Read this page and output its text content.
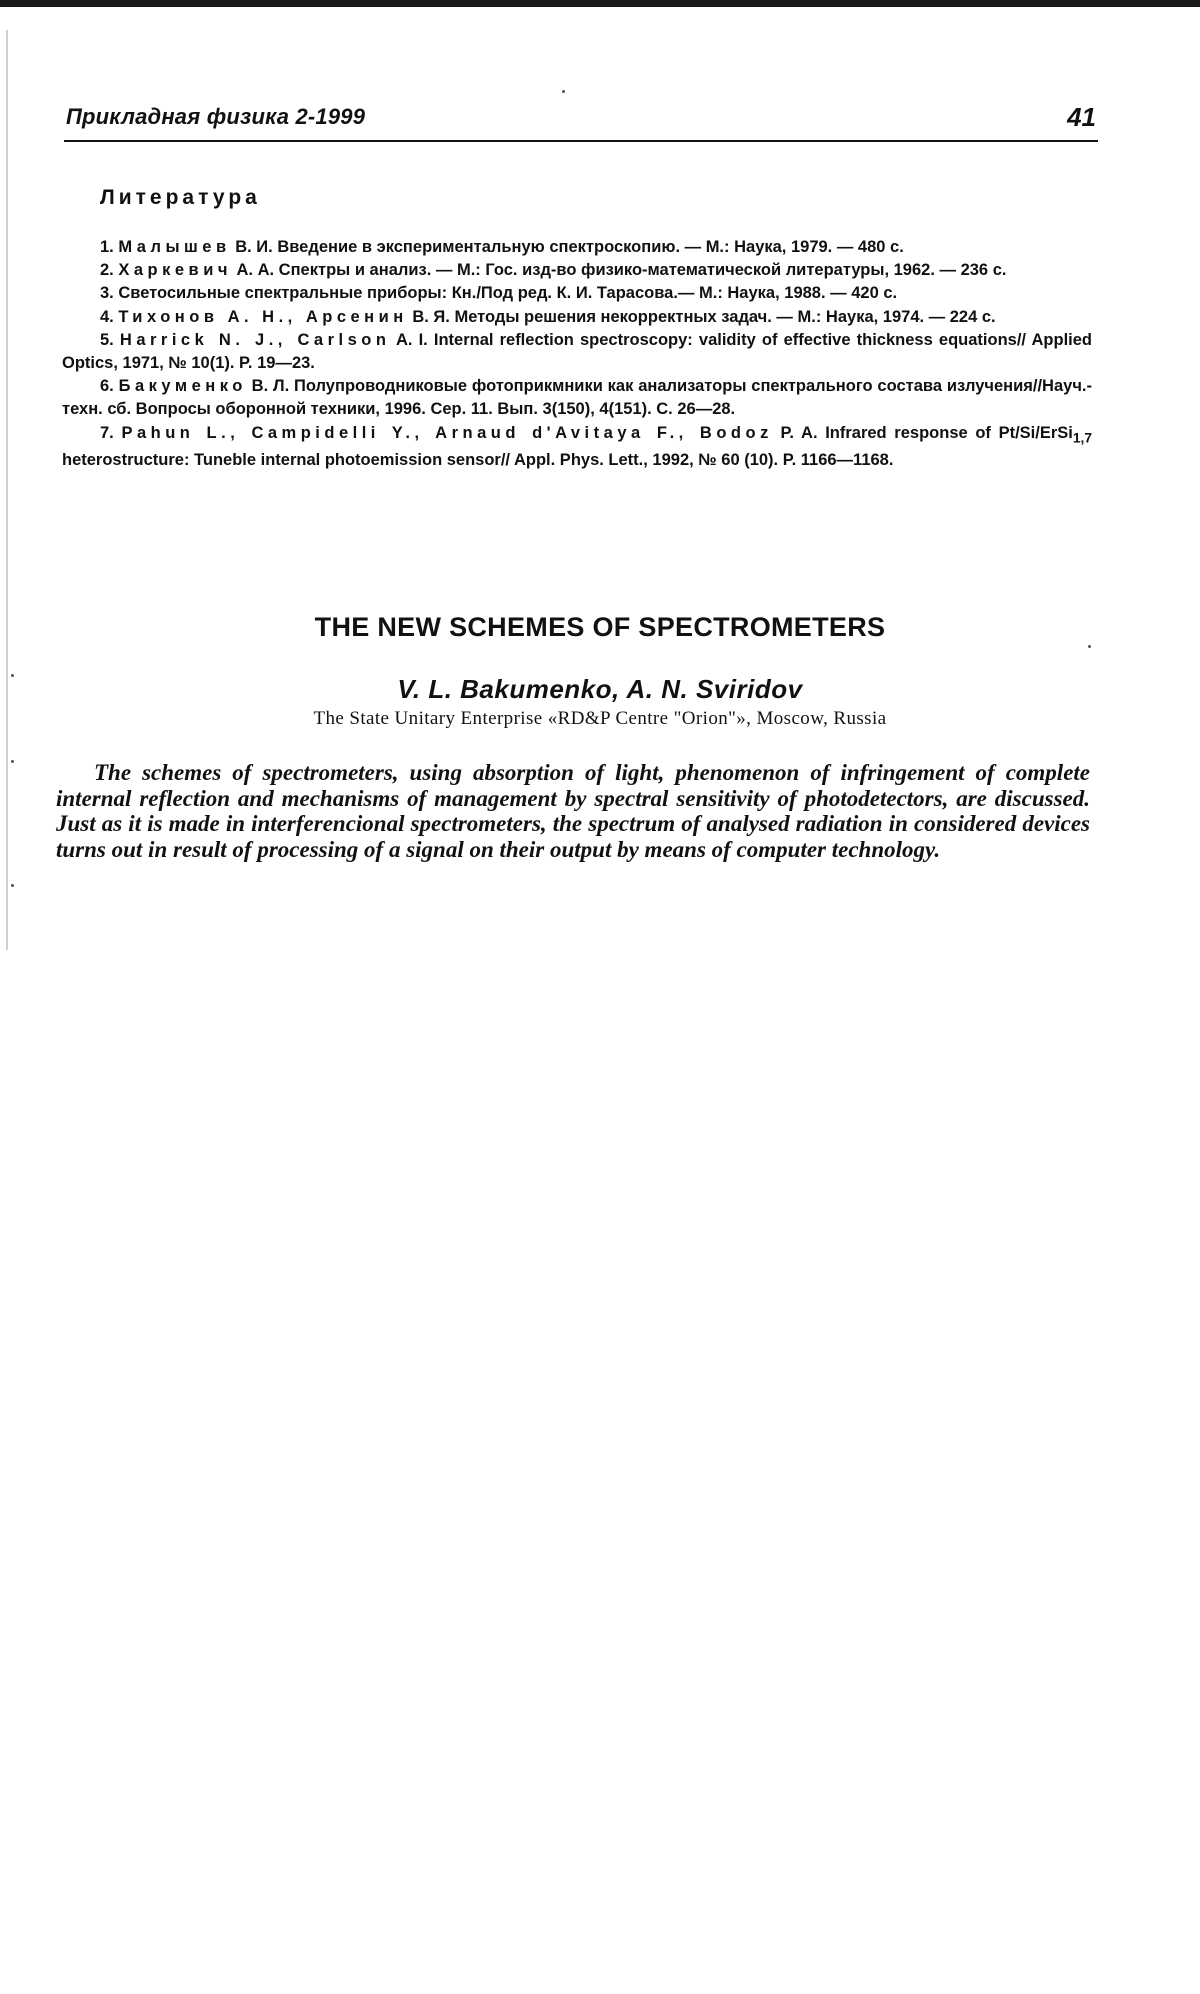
Прикладная физика 2-1999	41
Литература

1. Малышев В. И. Введение в экспериментальную спектроскопию. — М.: Наука, 1979. — 480 с.

2. Харкевич А. А. Спектры и анализ. — М.: Гос. изд-во физико-математической литературы, 1962. — 236 с.

3. Светосильные спектральные приборы: Кн./Под ред. К. И. Тарасова.— М.: Наука, 1988. — 420 с.

4. Тихонов А. Н., Арсенин В. Я. Методы решения некорректных задач. — М.: Наука, 1974. — 224 с.

5. Harrick N. J., Carlson A. I. Internal reflection spectroscopy: validity of effective thickness equations// Applied Optics, 1971, № 10(1). P. 19—23.

6. Бакуменко В. Л. Полупроводниковые фотоприкмники как анализаторы спектрального состава излучения//Науч.-техн. сб. Вопросы оборонной техники, 1996. Сер. 11. Вып. 3(150), 4(151). С. 26—28.

7. Pahun L., Campidelli Y., Arnaud d'Avitaya F., Bodoz P. A. Infrared response of Pt/Si/ErSi$_{1,7}$ heterostructure: Tuneble internal photoemission sensor// Appl. Phys. Lett., 1992, № 60 (10). P. 1166—1168.

THE NEW SCHEMES OF SPECTROMETERS
V. L. Bakumenko, A. N. Sviridov
The State Unitary Enterprise «RD&P Centre "Orion"», Moscow, Russia

The schemes of spectrometers, using absorption of light, phenomenon of infringement of complete internal reflection and mechanisms of management by spectral sensitivity of photodetectors, are discussed. Just as it is made in interferencional spectrometers, the spectrum of analysed radiation in considered devices turns out in result of processing of a signal on their output by means of computer technology.
